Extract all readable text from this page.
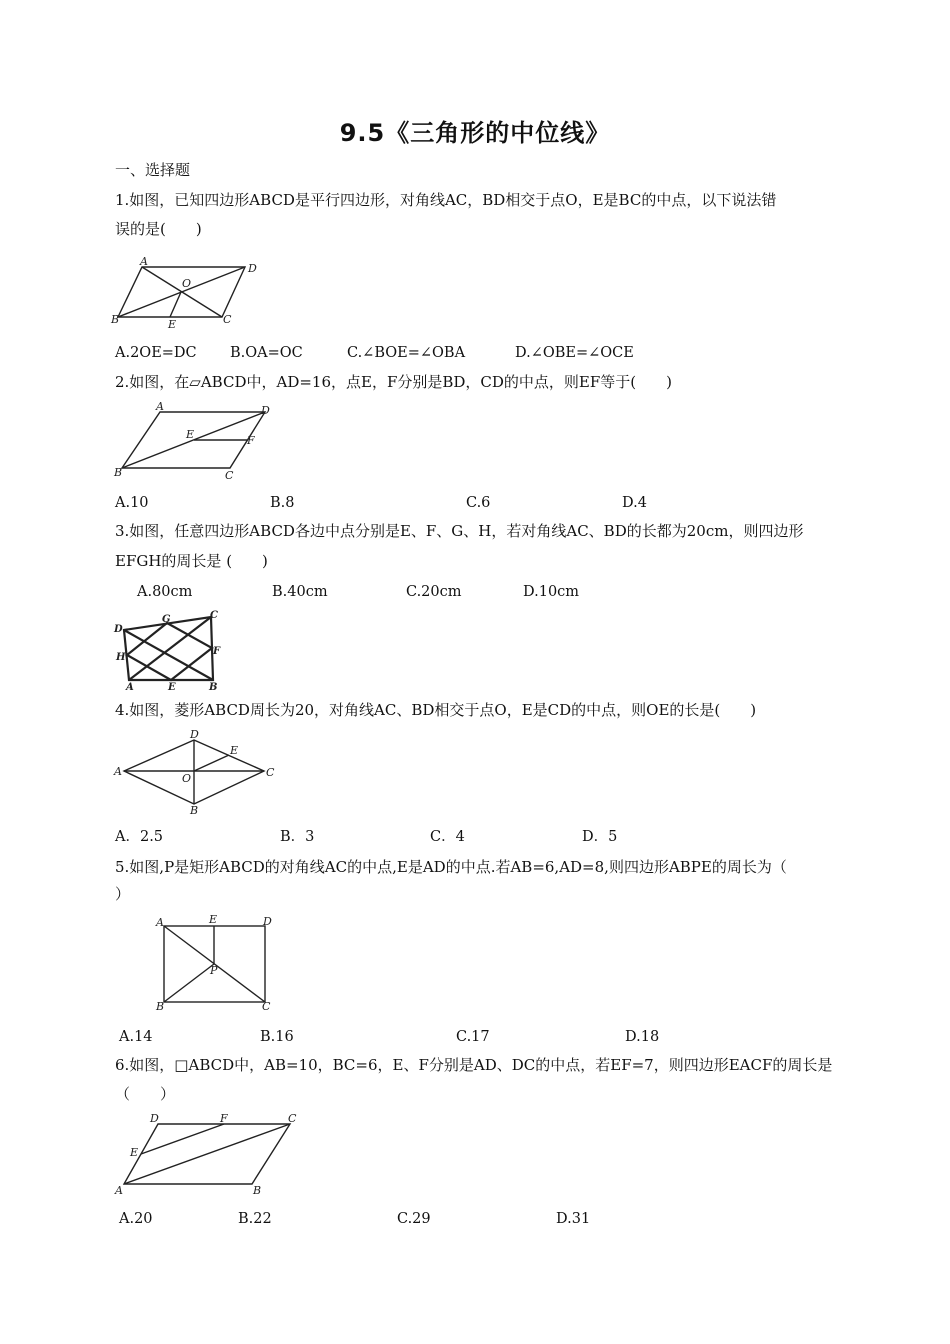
9.5《三角形的中位线》
一、选择题
1.如图，已知四边形ABCD是平行四边形，对角线AC，BD相交于点O，E是BC的中点，以下说法错
误的是(　　)
A
D
O
B	E	C
A.2OE=DC B.OA=OC	C.∠BOE=∠OBA	D.∠OBE=∠OCE
2.如图，在▱ABCD中，AD=16，点E，F分别是BD，CD的中点，则EF等于(　　)
A	D
E	F
B	C
A.10	B.8	C.6	D.4
3.如图，任意四边形ABCD各边中点分别是E、F、G、H，若对角线AC、BD的长都为20cm，则四边形
EFGH的周长是 (　　)
A.80cm	B.40cm	C.20cm	D.10cm
D
G	C
H
F
A	E	B
4.如图，菱形ABCD周长为20，对角线AC、BD相交于点O，E是CD的中点，则OE的长是(　　)
D
E
A
O	C
B
A．2.5	B．3	C．4	D．5
5.如图,P是矩形ABCD的对角线AC的中点,E是AD的中点.若AB=6,AD=8,则四边形ABPE的周长为（
）
A	E	D
P
B	C
A.14	B.16	C.17	D.18
6.如图，□ABCD中，AB=10，BC=6，E、F分别是AD、DC的中点，若EF=7，则四边形EACF的周长是
（　　）
D	F	C
E
A	B
A.20	B.22	C.29	D.31
